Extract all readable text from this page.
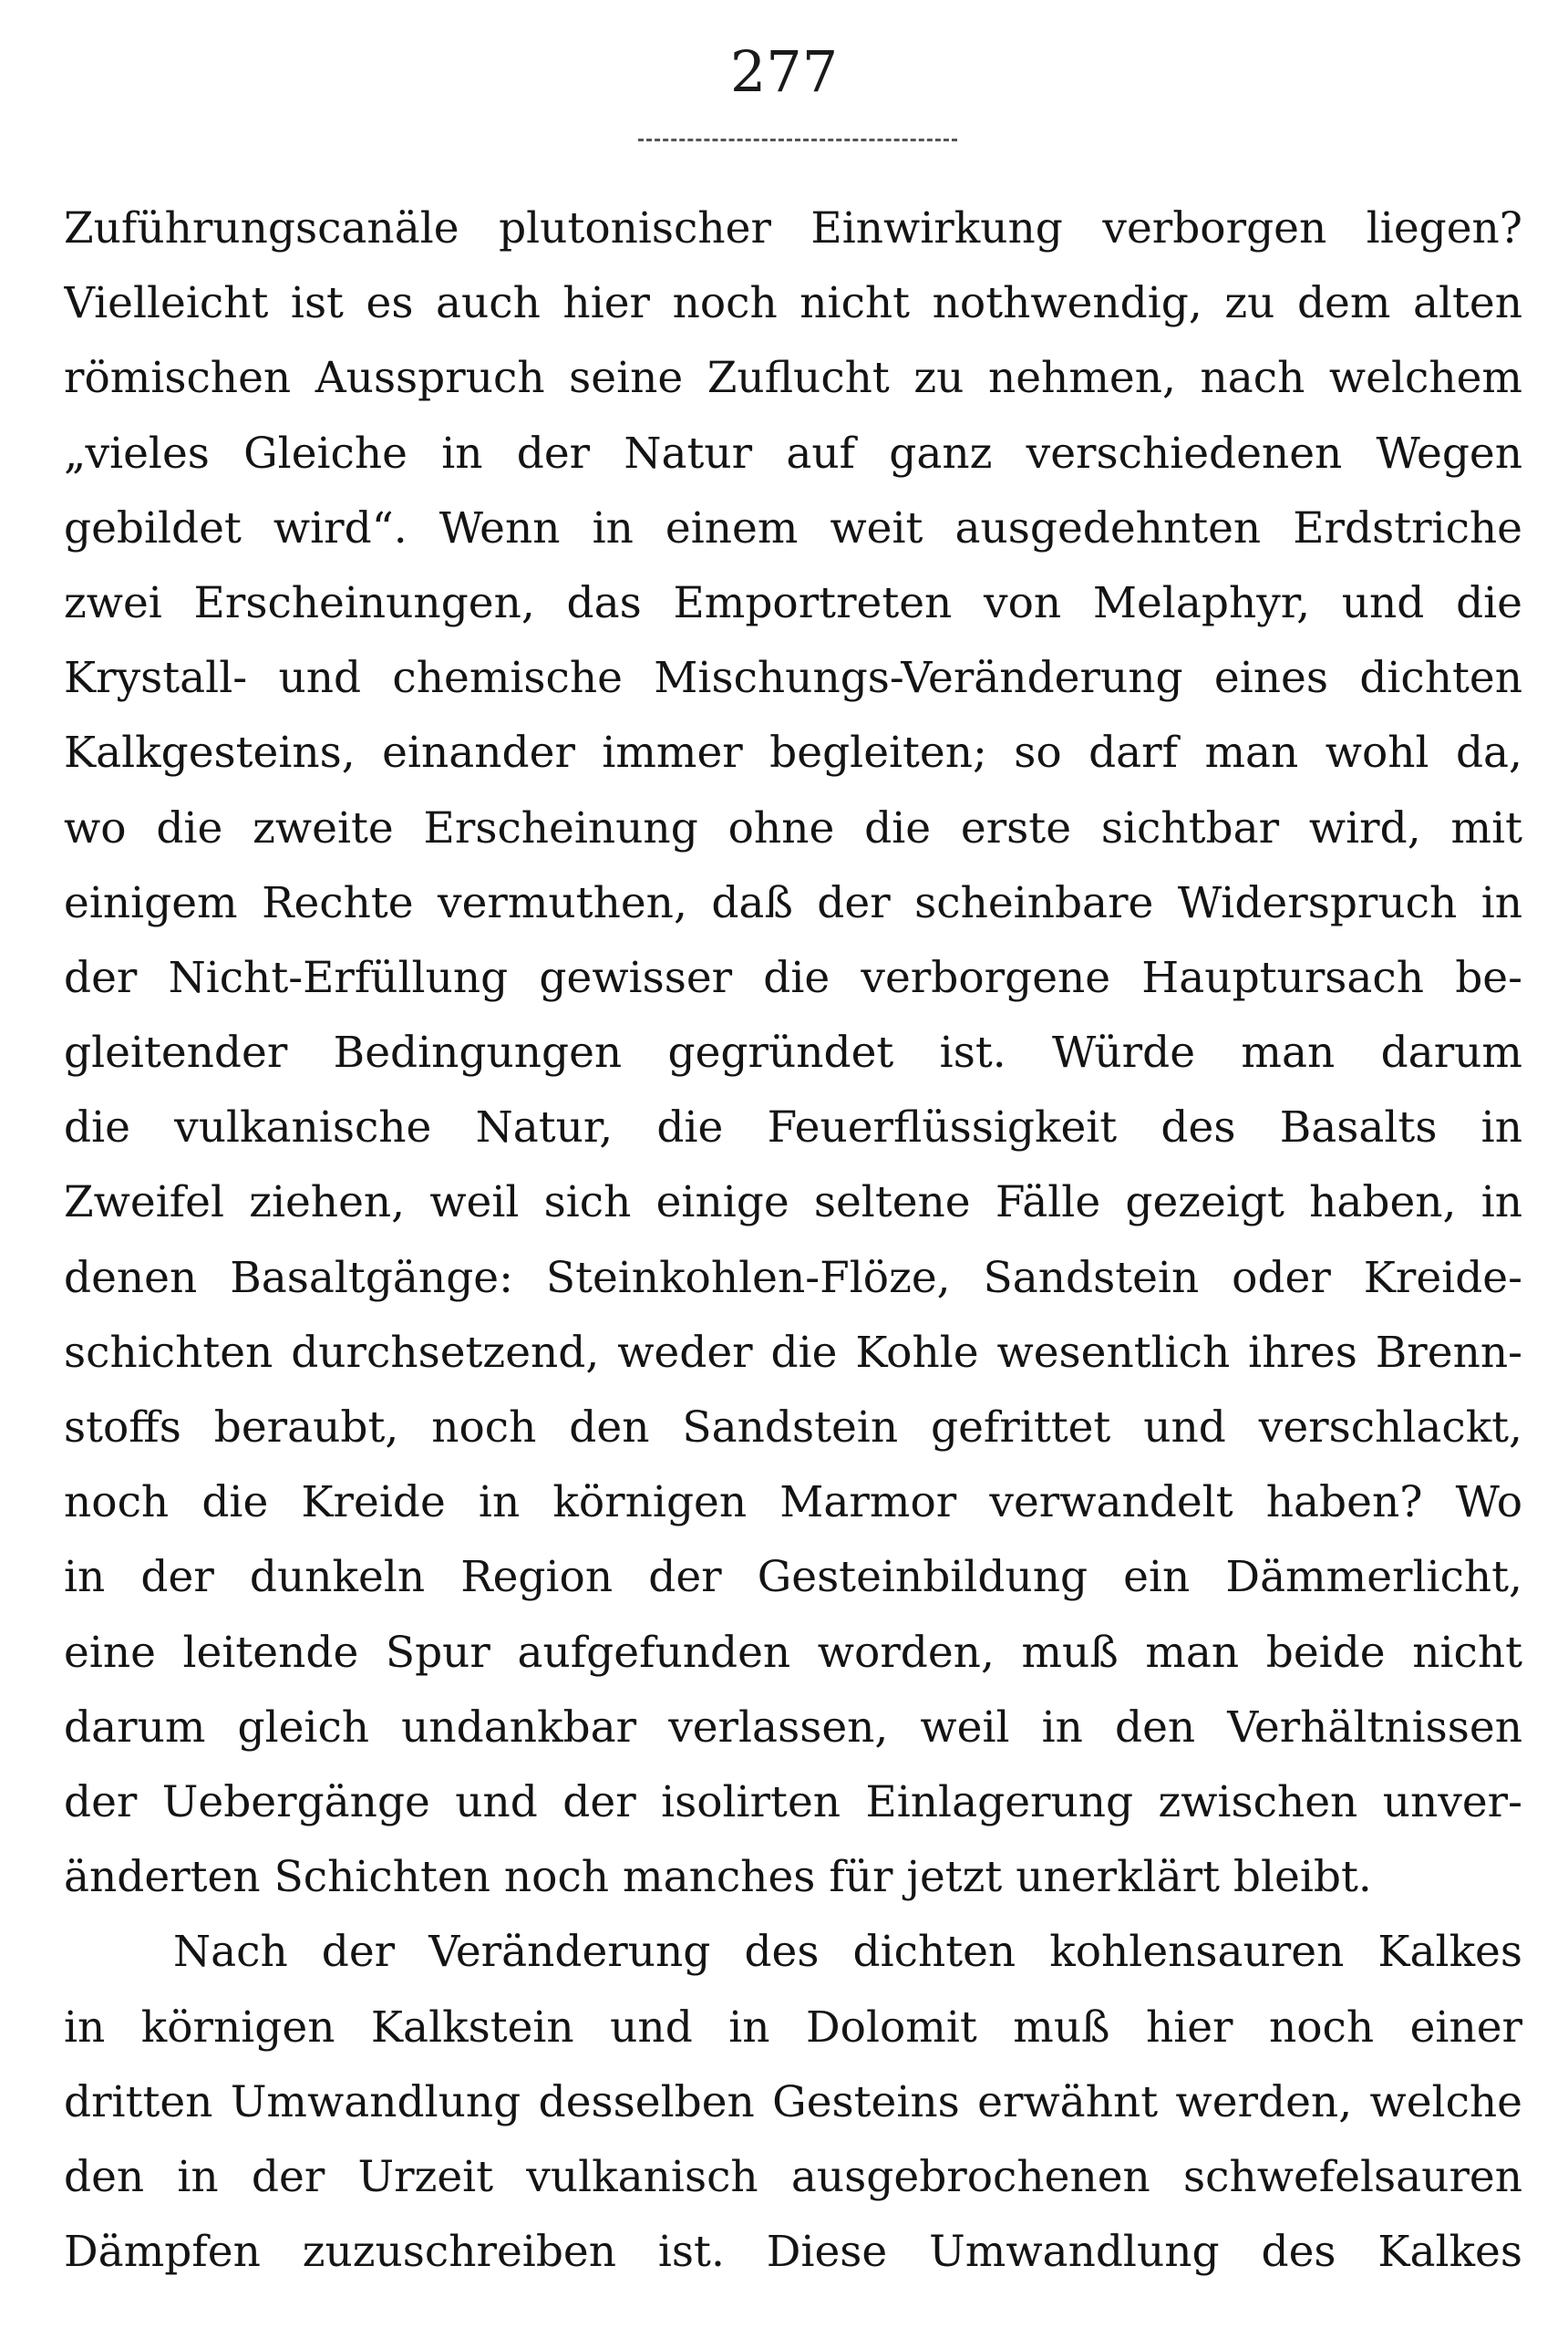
277
Zuführungscanäle plutonischer Einwirkung verborgen liegen?
Vielleicht ist es auch hier noch nicht nothwendig, zu dem alten
römischen Ausspruch seine Zuflucht zu nehmen, nach welchem
„vieles Gleiche in der Natur auf ganz verschiedenen Wegen
gebildet wird“. Wenn in einem weit ausgedehnten Erdstriche
zwei Erscheinungen, das Emportreten von Melaphyr, und die
Krystall- und chemische Mischungs-Veränderung eines dichten
Kalkgesteins, einander immer begleiten; so darf man wohl da,
wo die zweite Erscheinung ohne die erste sichtbar wird, mit
einigem Rechte vermuthen, daß der scheinbare Widerspruch in
der Nicht-Erfüllung gewisser die verborgene Hauptursach be-
gleitender Bedingungen gegründet ist. Würde man darum
die vulkanische Natur, die Feuerflüssigkeit des Basalts in
Zweifel ziehen, weil sich einige seltene Fälle gezeigt haben, in
denen Basaltgänge: Steinkohlen-Flöze, Sandstein oder Kreide-
schichten durchsetzend, weder die Kohle wesentlich ihres Brenn-
stoffs beraubt, noch den Sandstein gefrittet und verschlackt,
noch die Kreide in körnigen Marmor verwandelt haben? Wo
in der dunkeln Region der Gesteinbildung ein Dämmerlicht,
eine leitende Spur aufgefunden worden, muß man beide nicht
darum gleich undankbar verlassen, weil in den Verhältnissen
der Uebergänge und der isolirten Einlagerung zwischen unver-
änderten Schichten noch manches für jetzt unerklärt bleibt.
Nach der Veränderung des dichten kohlensauren Kalkes
in körnigen Kalkstein und in Dolomit muß hier noch einer
dritten Umwandlung desselben Gesteins erwähnt werden, welche
den in der Urzeit vulkanisch ausgebrochenen schwefelsauren
Dämpfen zuzuschreiben ist. Diese Umwandlung des Kalkes
